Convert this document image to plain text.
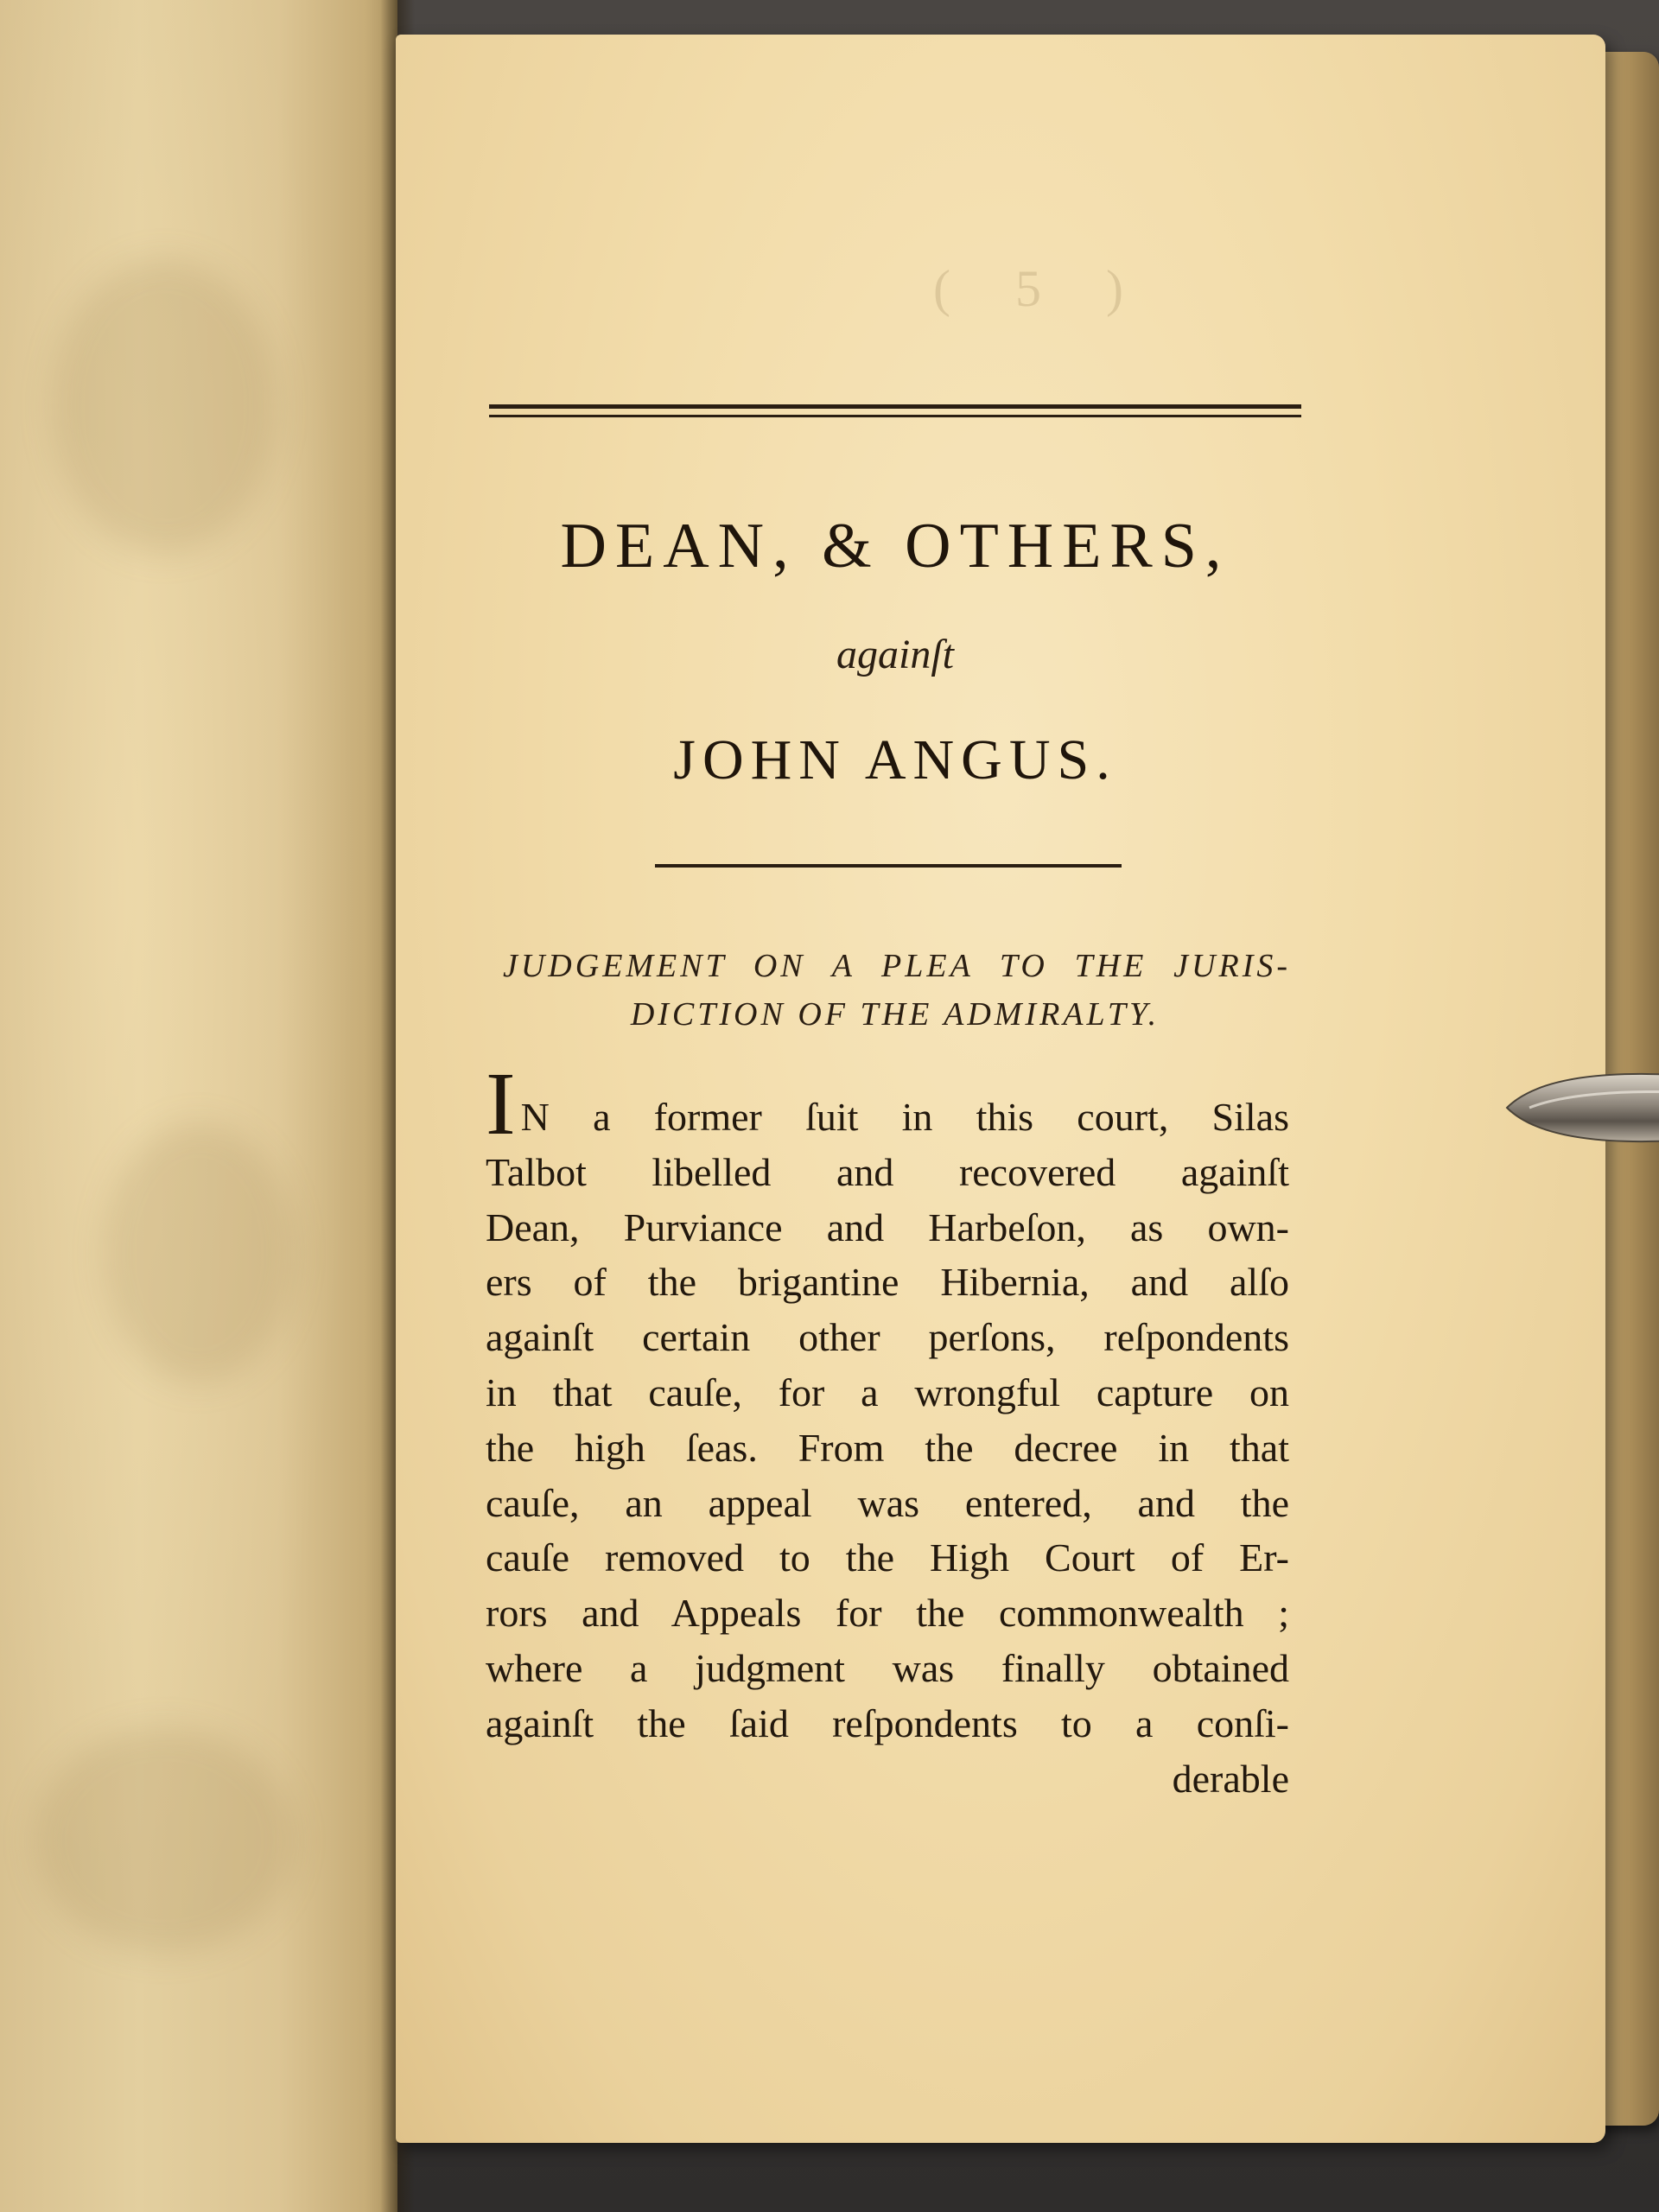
( 5 )
DEAN, & OTHERS,
againſt
JOHN ANGUS.
JUDGEMENT ON A PLEA TO THE JURIS-
DICTION OF THE ADMIRALTY.
I N a former ſuit in this court, Silas
Talbot libelled and recovered againſt
Dean, Purviance and Harbeſon, as own-
ers of the brigantine Hibernia, and alſo
againſt certain other perſons, reſpondents
in that cauſe, for a wrongful capture on
the high ſeas. From the decree in that
cauſe, an appeal was entered, and the
cauſe removed to the High Court of Er-
rors and Appeals for the commonwealth ;
where a judgment was finally obtained
againſt the ſaid reſpondents to a conſi-
derable
